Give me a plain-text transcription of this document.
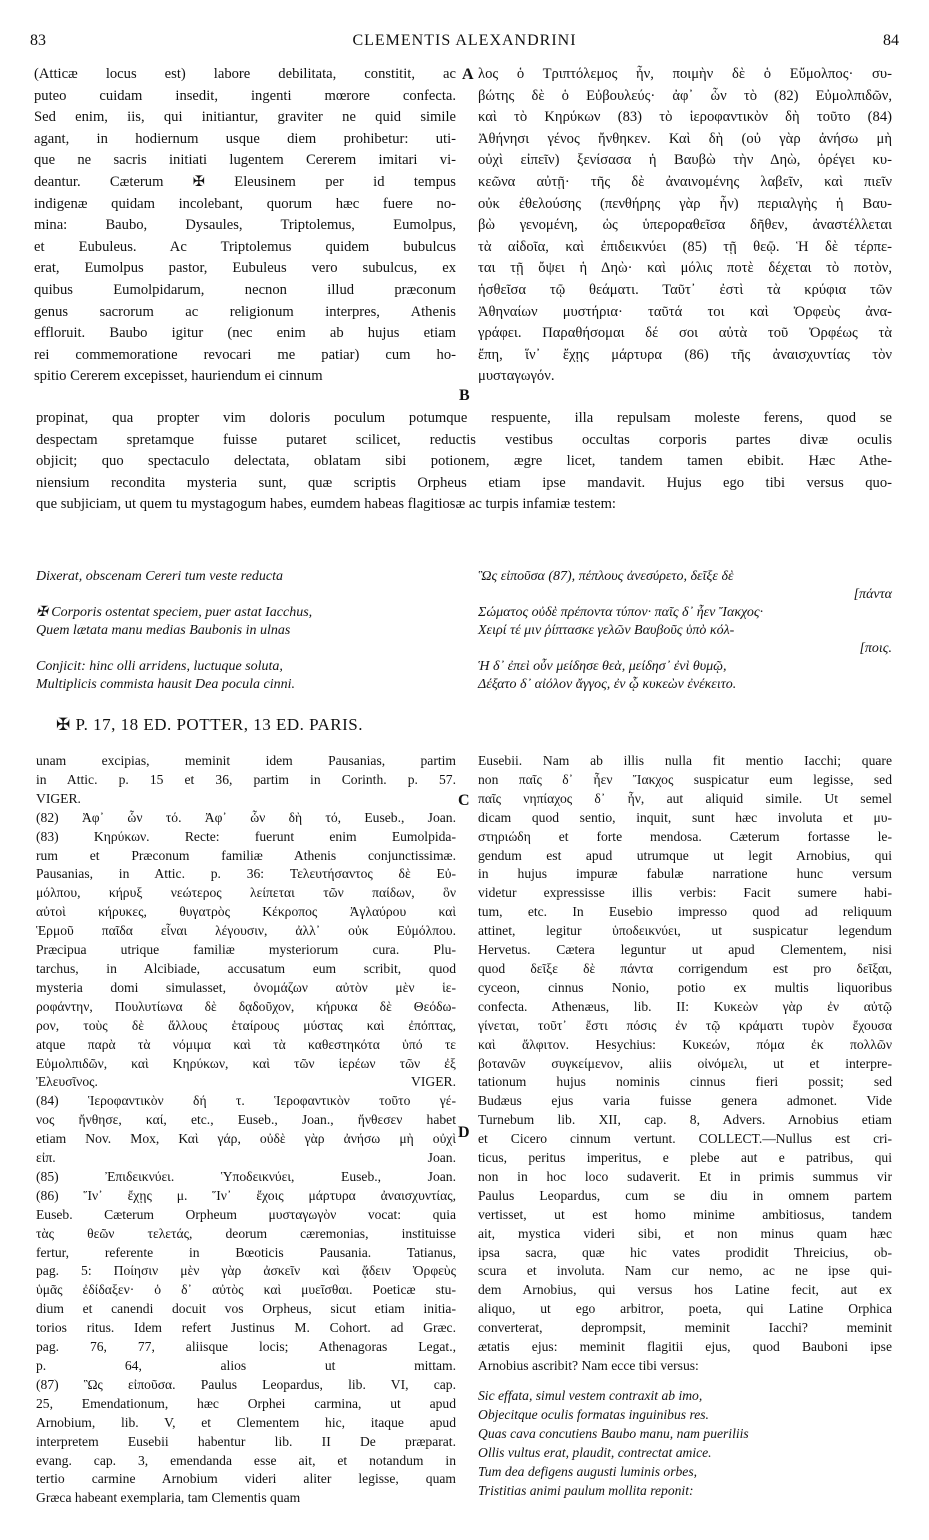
83	CLEMENTIS ALEXANDRINI	84
(Atticæ locus est) labore debilitata, constitit, ac
puteo cuidam insedit, ingenti mœrore confecta.
Sed enim, iis, qui initiantur, graviter ne quid simile
agant, in hodiernum usque diem prohibetur: uti-
que ne sacris initiati lugentem Cererem imitari vi-
deantur. Cæterum ✠ Eleusinem per id tempus
indigenæ quidam incolebant, quorum hæc fuere no-
mina: Baubo, Dysaules, Triptolemus, Eumolpus,
et Eubuleus. Ac Triptolemus quidem bubulcus
erat, Eumolpus pastor, Eubuleus vero subulcus, ex
quibus Eumolpidarum, necnon illud præconum
genus sacrorum ac religionum interpres, Athenis
effloruit. Baubo igitur (nec enim ab hujus etiam
rei commemoratione revocari me patiar) cum ho-
spitio Cererem excepisset, hauriendum ei cinnum
λος ὁ Τριπτόλεμος ἦν, ποιμὴν δὲ ὁ Εὔμολπος· συ-
βώτης δὲ ὁ Εὐβουλεύς· ἀφ᾽ ὧν τὸ (82) Εὐμολπιδῶν,
καὶ τὸ Κηρύκων (83) τὸ ἱεροφαντικὸν δὴ τοῦτο (84)
Ἀθήνησι γένος ἤνθηκεν. Καὶ δὴ (οὐ γὰρ ἀνήσω μὴ
οὐχὶ εἰπεῖν) ξενίσασα ἡ Βαυβὼ τὴν Δηὼ, ὀρέγει κυ-
κεῶνα αὐτῇ· τῆς δὲ ἀναινομένης λαβεῖν, καὶ πιεῖν
οὐκ ἐθελούσης (πενθήρης γὰρ ἦν) περιαλγὴς ἡ Βαυ-
βὼ γενομένη, ὡς ὑπεροραθεῖσα δῆθεν, ἀναστέλλεται
τὰ αἰδοῖα, καὶ ἐπιδεικνύει (85) τῇ θεῷ. Ἡ δὲ τέρπε-
ται τῇ ὄψει ἡ Δηὼ· καὶ μόλις ποτὲ δέχεται τὸ ποτὸν,
ἡσθεῖσα τῷ θεάματι. Ταῦτ᾽ ἐστὶ τὰ κρύφια τῶν
Ἀθηναίων μυστήρια· ταῦτά τοι καὶ Ὀρφεὺς ἀνα-
γράφει. Παραθήσομαι δέ σοι αὐτὰ τοῦ Ὀρφέως τὰ
ἔπη, ἵν᾽ ἔχῃς μάρτυρα (86) τῆς ἀναισχυντίας τὸν
μυσταγωγόν.
A
B
propinat, qua propter vim doloris poculum potumque respuente, illa repulsam moleste ferens, quod se
despectam spretamque fuisse putaret scilicet, reductis vestibus occultas corporis partes divæ oculis
objicit; quo spectaculo delectata, oblatam sibi potionem, ægre licet, tandem tamen ebibit. Hæc Athe-
niensium recondita mysteria sunt, quæ scriptis Orpheus etiam ipse mandavit. Hujus ego tibi versus quo-
que subjiciam, ut quem tu mystagogum habes, eumdem habeas flagitiosæ ac turpis infamiæ testem:
Dixerat, obscenam Cereri tum veste reducta
✠ Corporis ostentat speciem, puer astat Iacchus,
Quem lætata manu medias Baubonis in ulnas
Conjicit: hinc olli arridens, luctuque soluta,
Multiplicis commista hausit Dea pocula cinni.
Ὣς εἰποῦσα (87), πέπλους ἀνεσύρετο, δεῖξε δὲ
[πάντα
Σώματος οὐδὲ πρέποντα τύπον· παῖς δ᾽ ἦεν Ἴακχος·
Χειρί τέ μιν ῥίπτασκε γελῶν Βαυβοῦς ὑπὸ κόλ-
[ποις.
Ἡ δ᾽ ἐπεὶ οὖν μείδησε θεὰ, μείδησ᾽ ἐνὶ θυμῷ,
Δέξατο δ᾽ αἰόλον ἄγγος, ἐν ᾧ κυκεὼν ἐνέκειτο.
✠ P. 17, 18 ED. POTTER, 13 ED. PARIS.
unam excipias, meminit idem Pausanias, partim
in Attic. p. 15 et 36, partim in Corinth. p. 57.
VIGER.
(82) Ἀφ᾽ ὧν τό. Ἀφ᾽ ὧν δὴ τό, Euseb., Joan.
(83) Κηρύκων. Recte: fuerunt enim Eumolpida-
rum et Præconum familiæ Athenis conjunctissimæ.
Pausanias, in Attic. p. 36: Τελευτήσαντος δὲ Εὐ-
μόλπου, κήρυξ νεώτερος λείπεται τῶν παίδων, ὃν
αὐτοὶ κήρυκες, θυγατρὸς Κέκροπος Ἀγλαύρου καὶ
Ἑρμοῦ παῖδα εἶναι λέγουσιν, ἀλλ᾽ οὐκ Εὐμόλπου.
Præcipua utrique familiæ mysteriorum cura. Plu-
tarchus, in Alcibiade, accusatum eum scribit, quod
mysteria domi simulasset, ὀνομάζων αὐτὸν μὲν ἱε-
ροφάντην, Πουλυτίωνα δὲ δᾳδοῦχον, κήρυκα δὲ Θεόδω-
ρον, τοὺς δὲ ἄλλους ἑταίρους μύστας καὶ ἐπόπτας,
atque παρὰ τὰ νόμιμα καὶ τὰ καθεστηκότα ὑπό τε
Εὐμολπιδῶν, καὶ Κηρύκων, καὶ τῶν ἱερέων τῶν ἐξ
Ἐλευσῖνος. VIGER.
(84) Ἱεροφαντικὸν δή τ. Ἱεροφαντικὸν τοῦτο γέ-
νος ἤνθησε, καί, etc., Euseb., Joan., ἤνθεσεν habet
etiam Nov. Mox, Καὶ γάρ, οὐδὲ γὰρ ἀνήσω μὴ οὐχὶ
εἰπ. Joan.
(85) Ἐπιδεικνύει. Ὑποδεικνύει, Euseb., Joan.
(86) Ἵν᾽ ἔχῃς μ. Ἵν᾽ ἔχοις μάρτυρα ἀναισχυντίας,
Euseb. Cæterum Orpheum μυσταγωγὸν vocat: quia
τὰς θεῶν τελετάς, deorum cæremonias, instituisse
fertur, referente in Bœoticis Pausania. Tatianus,
pag. 5: Ποίησιν μὲν γὰρ ἀσκεῖν καὶ ᾄδειν Ὀρφεὺς
ὑμᾶς ἐδίδαξεν· ὁ δ᾽ αὐτὸς καὶ μυεῖσθαι. Poeticæ stu-
dium et canendi docuit vos Orpheus, sicut etiam initia-
torios ritus. Idem refert Justinus M. Cohort. ad Græc.
pag. 76, 77, aliisque locis; Athenagoras Legat.,
p. 64, alios ut mittam.
(87) Ὣς εἰποῦσα. Paulus Leopardus, lib. VI, cap.
25, Emendationum, hæc Orphei carmina, ut apud
Arnobium, lib. V, et Clementem hic, itaque apud
interpretem Eusebii habentur lib. II De præparat.
evang. cap. 3, emendanda esse ait, et notandum in
tertio carmine Arnobium videri aliter legisse, quam
Græca habeant exemplaria, tam Clementis quam
C
D
Eusebii. Nam ab illis nulla fit mentio Iacchi; quare
non παῖς δ᾽ ἦεν Ἴακχος suspicatur eum legisse, sed
παῖς νηπίαχος δ᾽ ἦν, aut aliquid simile. Ut semel
dicam quod sentio, inquit, sunt hæc involuta et μυ-
στηριώδη et forte mendosa. Cæterum fortasse le-
gendum est apud utrumque ut legit Arnobius, qui
in hujus impuræ fabulæ narratione hunc versum
videtur expressisse illis verbis: Facit sumere habi-
tum, etc. In Eusebio impresso quod ad reliquum
attinet, legitur ὑποδεικνύει, ut suspicatur legendum
Hervetus. Cætera leguntur ut apud Clementem, nisi
quod δεῖξε δὲ πάντα corrigendum est pro δεῖξαι,
cyceon, cinnus Nonio, potio ex multis liquoribus
confecta. Athenæus, lib. II: Κυκεὼν γὰρ ἐν αὐτῷ
γίνεται, τοῦτ᾽ ἔστι πόσις ἐν τῷ κράματι τυρὸν ἔχουσα
καὶ ἄλφιτον. Hesychius: Κυκεών, πόμα ἐκ πολλῶν
βοτανῶν συγκείμενον, aliis οἰνόμελι, ut et interpre-
tationum hujus nominis cinnus fieri possit; sed
Budæus ejus varia fuisse genera admonet. Vide
Turnebum lib. XII, cap. 8, Advers. Arnobius etiam
et Cicero cinnum vertunt. COLLECT.—Nullus est cri-
ticus, peritus imperitus, e plebe aut e patribus, qui
non in hoc loco sudaverit. Et in primis summus vir
Paulus Leopardus, cum se diu in omnem partem
vertisset, ut est homo minime ambitiosus, tandem
ait, mystica videri sibi, et non minus quam hæc
ipsa sacra, quæ hic vates prodidit Threicius, ob-
scura et involuta. Nam cur nemo, ac ne ipse qui-
dem Arnobius, qui versus hos Latine fecit, aut ex
aliquo, ut ego arbitror, poeta, qui Latine Orphica
converterat, deprompsit, meminit Iacchi? meminit
ætatis ejus: meminit flagitii ejus, quod Bauboni ipse
Arnobius ascribit? Nam ecce tibi versus:
Sic effata, simul vestem contraxit ab imo,
Objecitque oculis formatas inguinibus res.
Quas cava concutiens Baubo manu, nam pueriliis
Ollis vultus erat, plaudit, contrectat amice.
Tum dea defigens augusti luminis orbes,
Tristitias animi paulum mollita reponit:
